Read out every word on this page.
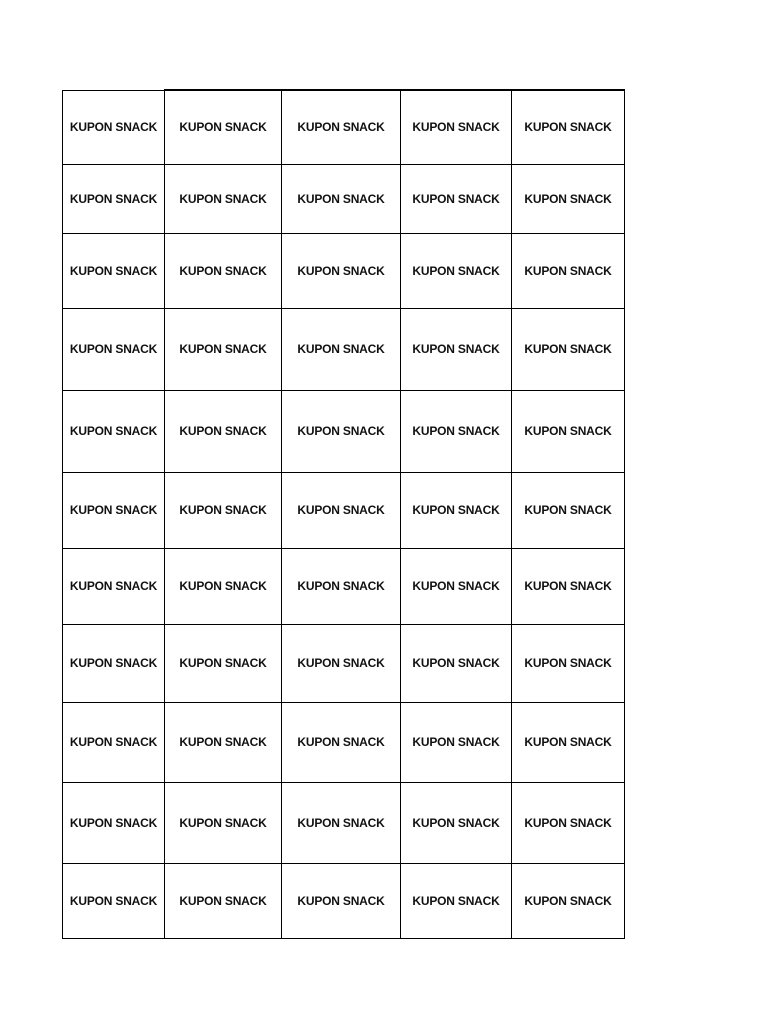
KUPON SNACK	KUPON SNACK	KUPON SNACK	KUPON SNACK	KUPON SNACK
KUPON SNACK	KUPON SNACK	KUPON SNACK	KUPON SNACK	KUPON SNACK
KUPON SNACK	KUPON SNACK	KUPON SNACK	KUPON SNACK	KUPON SNACK
KUPON SNACK	KUPON SNACK	KUPON SNACK	KUPON SNACK	KUPON SNACK
KUPON SNACK	KUPON SNACK	KUPON SNACK	KUPON SNACK	KUPON SNACK
KUPON SNACK	KUPON SNACK	KUPON SNACK	KUPON SNACK	KUPON SNACK
KUPON SNACK	KUPON SNACK	KUPON SNACK	KUPON SNACK	KUPON SNACK
KUPON SNACK	KUPON SNACK	KUPON SNACK	KUPON SNACK	KUPON SNACK
KUPON SNACK	KUPON SNACK	KUPON SNACK	KUPON SNACK	KUPON SNACK
KUPON SNACK	KUPON SNACK	KUPON SNACK	KUPON SNACK	KUPON SNACK
KUPON SNACK	KUPON SNACK	KUPON SNACK	KUPON SNACK	KUPON SNACK
